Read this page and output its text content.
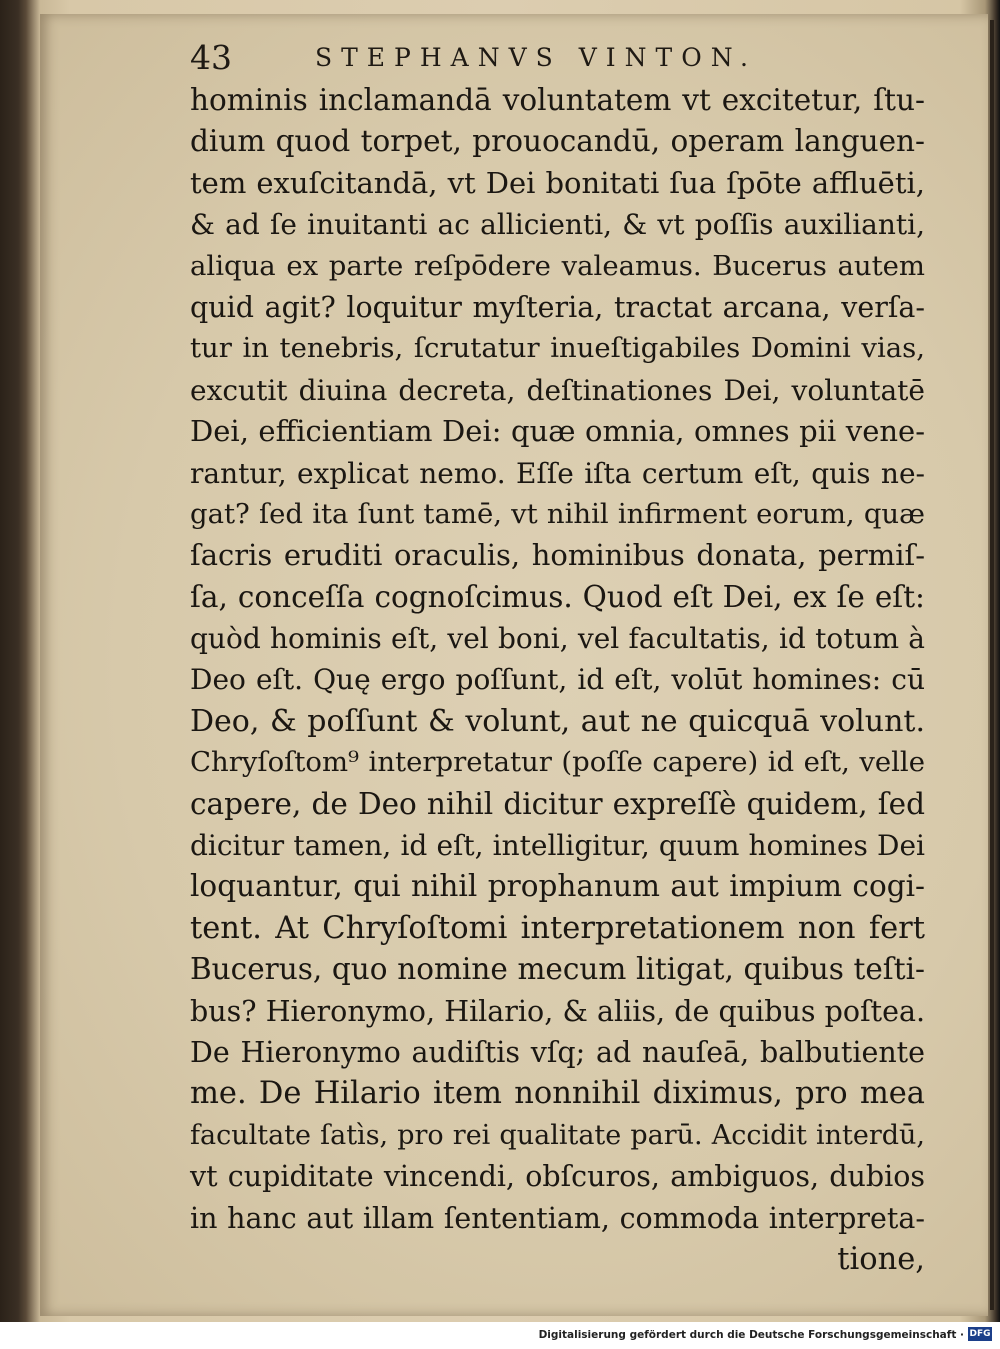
43	STEPHANVS VINTON.
hominis inclamandā voluntatem vt excitetur, ſtu-
dium quod torpet, prouocandū, operam languen-
tem exuſcitandā, vt Dei bonitati ſua ſpōte affluēti,
& ad ſe inuitanti ac allicienti, & vt poſſis auxilianti,
aliqua ex parte reſpōdere valeamus. Bucerus autem
quid agit? loquitur myſteria, tractat arcana, verſa-
tur in tenebris, ſcrutatur inueſtigabiles Domini vias,
excutit diuina decreta, deſtinationes Dei, voluntatē
Dei, efficientiam Dei: quæ omnia, omnes pii vene-
rantur, explicat nemo. Eſſe iſta certum eſt, quis ne-
gat? ſed ita ſunt tamē, vt nihil infirment eorum, quæ
ſacris eruditi oraculis, hominibus donata, permiſ-
ſa, conceſſa cognoſcimus. Quod eſt Dei, ex ſe eſt:
quòd hominis eſt, vel boni, vel facultatis, id totum à
Deo eſt. Quę ergo poſſunt, id eſt, volūt homines: cū
Deo, & poſſunt & volunt, aut ne quicquā volunt.
Chryſoſtom⁹ interpretatur (poſſe capere) id eſt, velle
capere, de Deo nihil dicitur expreſſè quidem, ſed
dicitur tamen, id eſt, intelligitur, quum homines Dei
loquantur, qui nihil prophanum aut impium cogi-
tent. At Chryſoſtomi interpretationem non fert
Bucerus, quo nomine mecum litigat, quibus teſti-
bus? Hieronymo, Hilario, & aliis, de quibus poſtea.
De Hieronymo audiſtis vſq; ad nauſeā, balbutiente
me. De Hilario item nonnihil diximus, pro mea
facultate ſatìs, pro rei qualitate parū. Accidit interdū,
vt cupiditate vincendi, obſcuros, ambiguos, dubios
in hanc aut illam ſententiam, commoda interpreta-
tione,
Digitalisierung gefördert durch die Deutsche Forschungsgemeinschaft · DFG
